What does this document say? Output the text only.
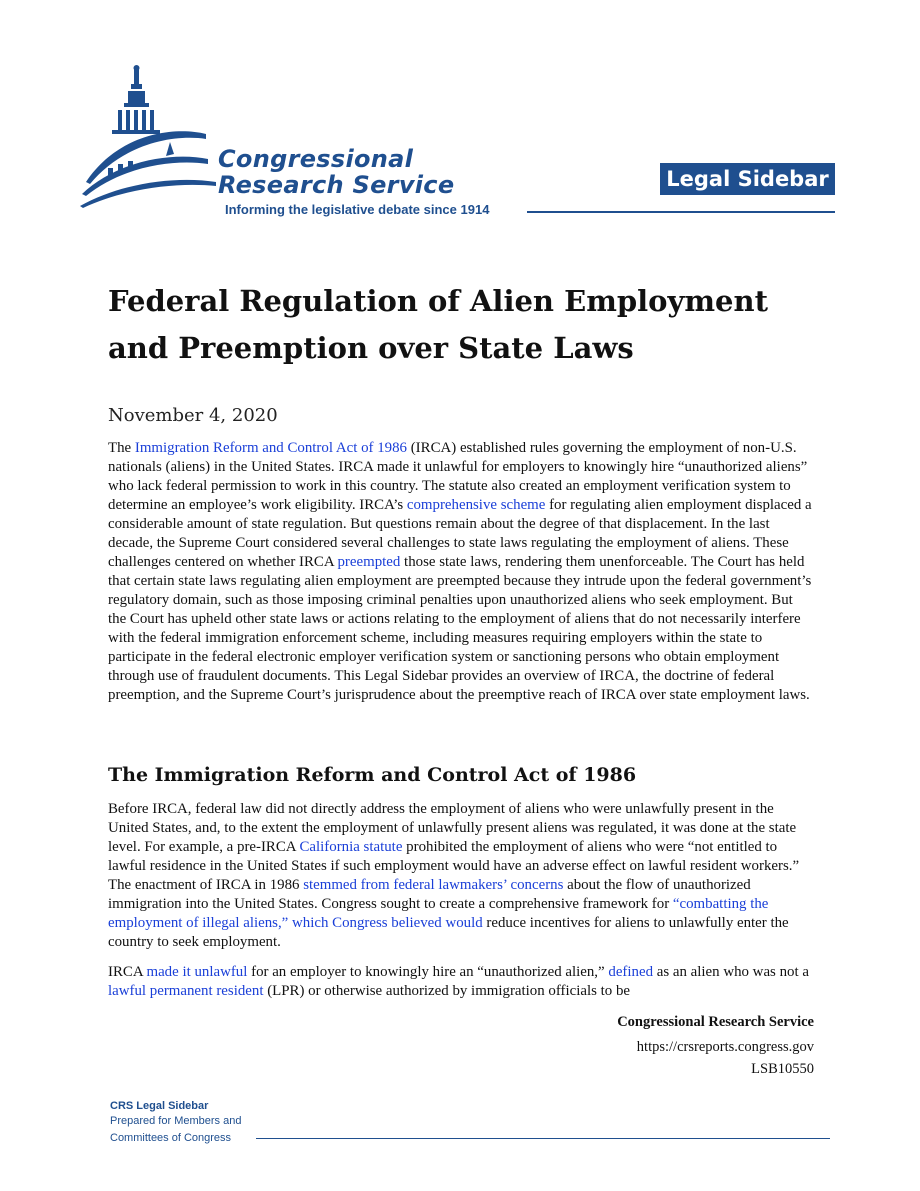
Congressional
Research Service
Informing the legislative debate since 1914
Legal Sidebar
Federal Regulation of Alien Employment and Preemption over State Laws
November 4, 2020

The Immigration Reform and Control Act of 1986 (IRCA) established rules governing the employment of non-U.S. nationals (aliens) in the United States. IRCA made it unlawful for employers to knowingly hire “unauthorized aliens” who lack federal permission to work in this country. The statute also created an employment verification system to determine an employee’s work eligibility. IRCA’s comprehensive scheme for regulating alien employment displaced a considerable amount of state regulation. But questions remain about the degree of that displacement. In the last decade, the Supreme Court considered several challenges to state laws regulating the employment of aliens. These challenges centered on whether IRCA preempted those state laws, rendering them unenforceable. The Court has held that certain state laws regulating alien employment are preempted because they intrude upon the federal government’s regulatory domain, such as those imposing criminal penalties upon unauthorized aliens who seek employment. But the Court has upheld other state laws or actions relating to the employment of aliens that do not necessarily interfere with the federal immigration enforcement scheme, including measures requiring employers within the state to participate in the federal electronic employer verification system or sanctioning persons who obtain employment through use of fraudulent documents. This Legal Sidebar provides an overview of IRCA, the doctrine of federal preemption, and the Supreme Court’s jurisprudence about the preemptive reach of IRCA over state employment laws.

The Immigration Reform and Control Act of 1986

Before IRCA, federal law did not directly address the employment of aliens who were unlawfully present in the United States, and, to the extent the employment of unlawfully present aliens was regulated, it was done at the state level. For example, a pre-IRCA California statute prohibited the employment of aliens who were “not entitled to lawful residence in the United States if such employment would have an adverse effect on lawful resident workers.” The enactment of IRCA in 1986 stemmed from federal lawmakers’ concerns about the flow of unauthorized immigration into the United States. Congress sought to create a comprehensive framework for “combatting the employment of illegal aliens,” which Congress believed would reduce incentives for aliens to unlawfully enter the country to seek employment.

IRCA made it unlawful for an employer to knowingly hire an “unauthorized alien,” defined as an alien who was not a lawful permanent resident (LPR) or otherwise authorized by immigration officials to be

Congressional Research Service
https://crsreports.congress.gov
LSB10550
CRS Legal Sidebar
Prepared for Members and
Committees of Congress
